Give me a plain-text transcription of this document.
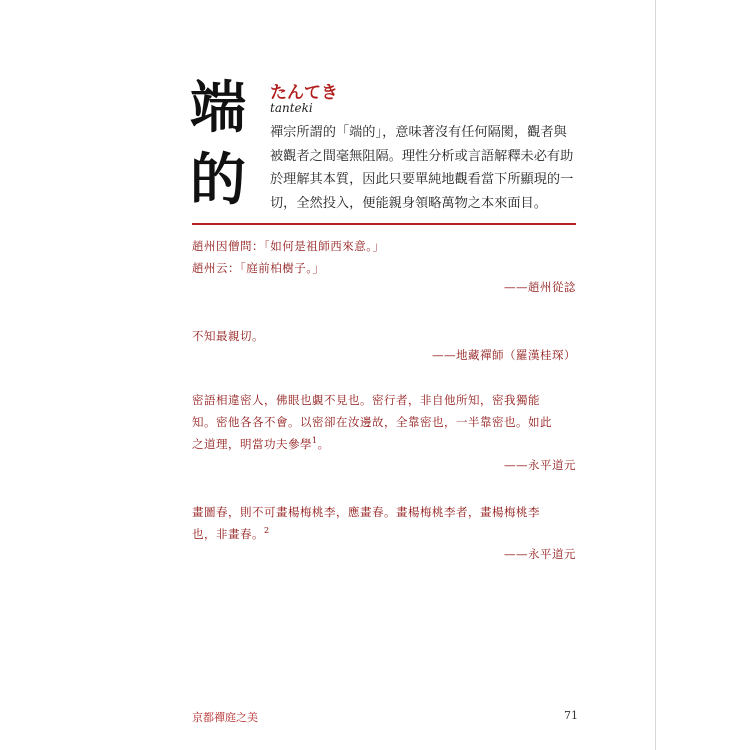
端
的
たんてき
tanteki
禪宗所謂的「端的」，意味著沒有任何隔閡，觀者與被觀者之間毫無阻隔。理性分析或言語解釋未必有助於理解其本質，因此只要單純地觀看當下所顯現的一切，全然投入，便能親身領略萬物之本來面目。
趙州因僧問：「如何是祖師西來意。」
趙州云：「庭前柏樹子。」
——趙州從諗
不知最親切。
——地藏禪師（羅漢桂琛）
密語相違密人，佛眼也覷不見也。密行者，非自他所知，密我獨能
知。密他各各不會。以密卻在汝邊故，全靠密也，一半靠密也。如此
之道理，明當功夫參學$^1$。
——永平道元
畫圖春，則不可畫楊梅桃李，應畫春。畫楊梅桃李者，畫楊梅桃李
也，非畫春。$^2$
——永平道元
京都禪庭之美	71
